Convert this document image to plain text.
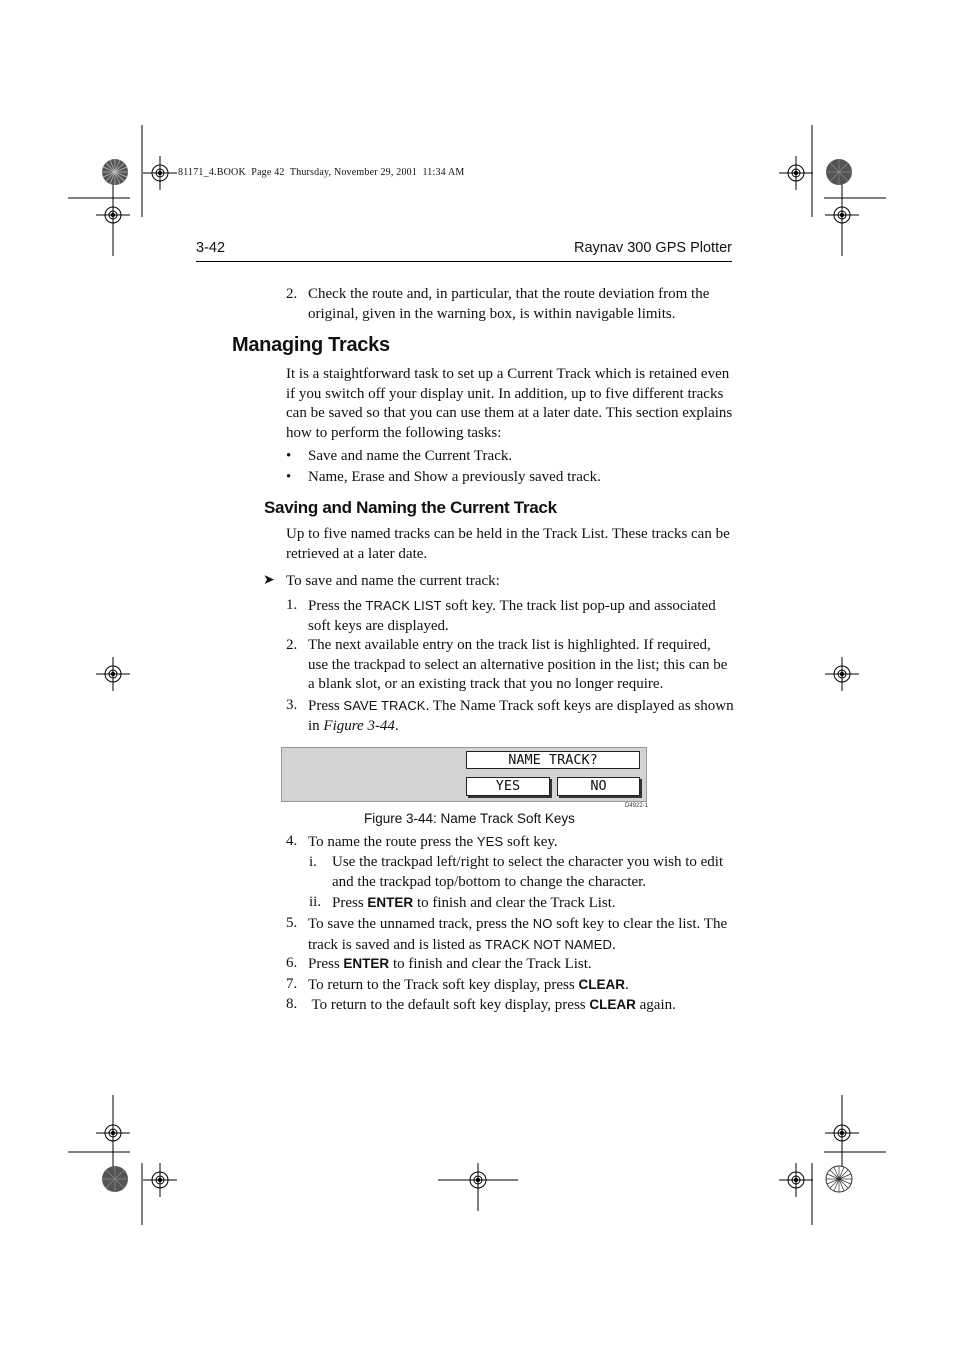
81171_4.BOOK  Page 42  Thursday, November 29, 2001  11:34 AM
3-42	Raynav 300 GPS Plotter
2. Check the route and, in particular, that the route deviation from the
original, given in the warning box, is within navigable limits.
Managing Tracks
It is a staightforward task to set up a Current Track which is retained even
if you switch off your display unit. In addition, up to five different tracks
can be saved so that you can use them at a later date. This section explains
how to perform the following tasks:
•	Save and name the Current Track.
•	Name, Erase and Show a previously saved track.
Saving and Naming the Current Track
Up to five named tracks can be held in the Track List. These tracks can be
retrieved at a later date.
➤ To save and name the current track:
1. Press the TRACK LIST soft key. The track list pop-up and associated
soft keys are displayed.
2. The next available entry on the track list is highlighted. If required,
use the trackpad to select an alternative position in the list; this can be
a blank slot, or an existing track that you no longer require.
3. Press SAVE TRACK. The Name Track soft keys are displayed as shown
in Figure 3-44.
NAME TRACK?
YES	NO
D4922-1
Figure 3-44: Name Track Soft Keys
4. To name the route press the YES soft key.
i.	Use the trackpad left/right to select the character you wish to edit
and the trackpad top/bottom to change the character.
ii. Press ENTER to finish and clear the Track List.
5. To save the unnamed track, press the NO soft key to clear the list. The
track is saved and is listed as TRACK NOT NAMED.
6. Press ENTER to finish and clear the Track List.
7. To return to the Track soft key display, press CLEAR.
8. To return to the default soft key display, press CLEAR again.
